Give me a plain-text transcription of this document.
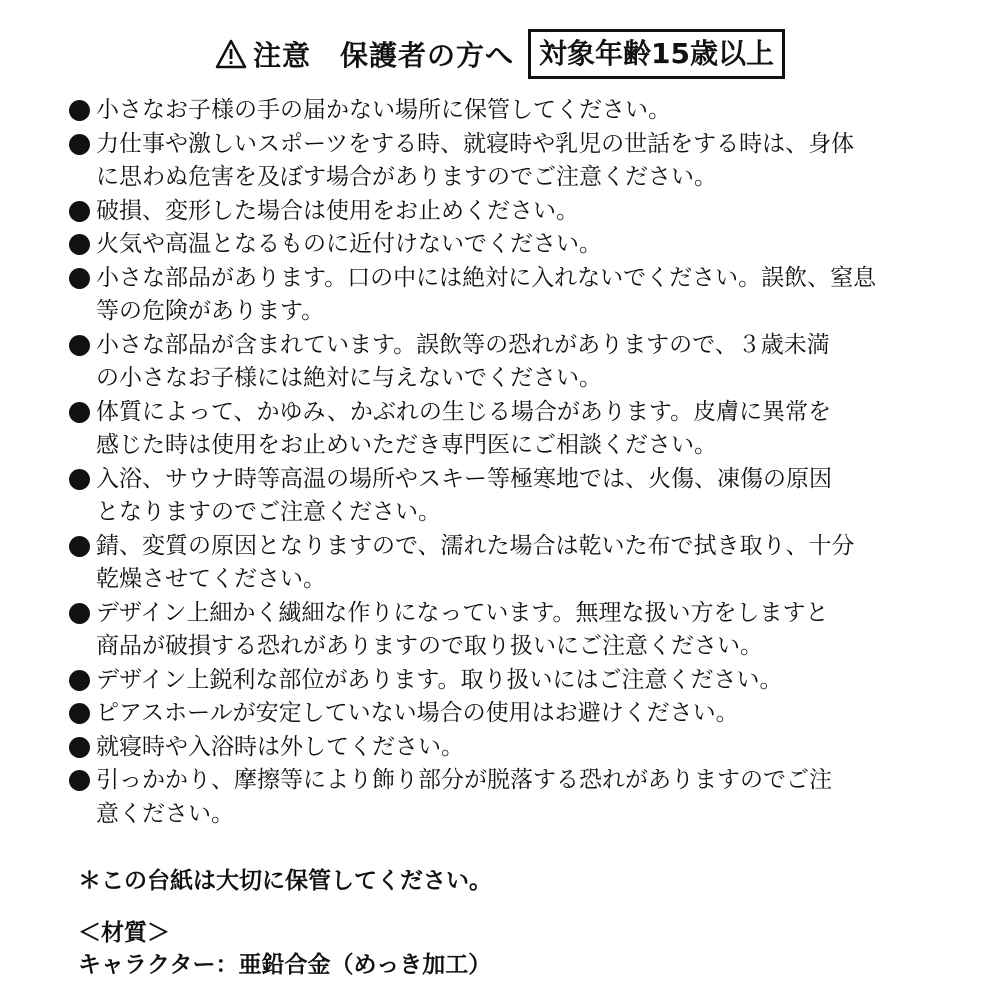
注意　保護者の方へ 対象年齢15歳以上
小さなお子様の手の届かない場所に保管してください。
力仕事や激しいスポーツをする時、就寝時や乳児の世話をする時は、身体
に思わぬ危害を及ぼす場合がありますのでご注意ください。
破損、変形した場合は使用をお止めください。
火気や高温となるものに近付けないでください。
小さな部品があります。口の中には絶対に入れないでください。誤飲、窒息
等の危険があります。
小さな部品が含まれています。誤飲等の恐れがありますので、３歳未満
の小さなお子様には絶対に与えないでください。
体質によって、かゆみ、かぶれの生じる場合があります。皮膚に異常を
感じた時は使用をお止めいただき専門医にご相談ください。
入浴、サウナ時等高温の場所やスキー等極寒地では、火傷、凍傷の原因
となりますのでご注意ください。
錆、変質の原因となりますので、濡れた場合は乾いた布で拭き取り、十分
乾燥させてください。
デザイン上細かく繊細な作りになっています。無理な扱い方をしますと
商品が破損する恐れがありますので取り扱いにご注意ください。
デザイン上鋭利な部位があります。取り扱いにはご注意ください。
ピアスホールが安定していない場合の使用はお避けください。
就寝時や入浴時は外してください。
引っかかり、摩擦等により飾り部分が脱落する恐れがありますのでご注
意ください。
＊この台紙は大切に保管してください。
＜材質＞
キャラクター：亜鉛合金（めっき加工）
